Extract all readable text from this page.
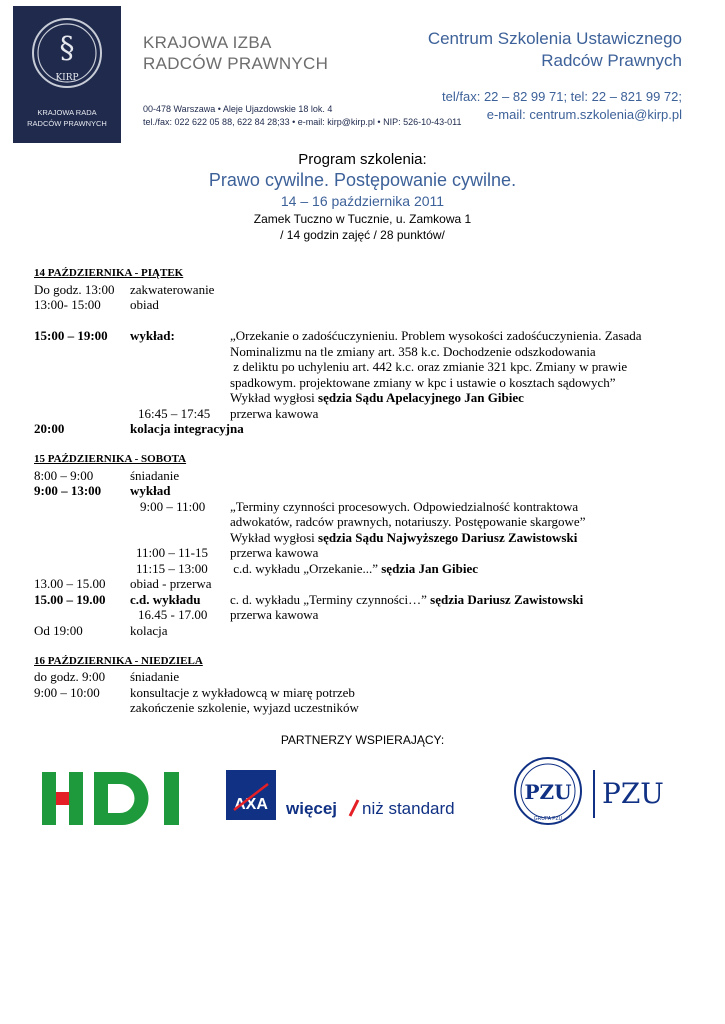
§
KIRP
KRAJOWA RADA
RADCÓW PRAWNYCH
KRAJOWA IZBA
RADCÓW PRAWNYCH
00-478 Warszawa • Aleje Ujazdowskie 18 lok. 4
tel./fax: 022 622 05 88, 622 84 28;33 • e-mail: kirp@kirp.pl • NIP: 526-10-43-011
Centrum Szkolenia Ustawicznego
Radców Prawnych
tel/fax: 22 – 82 99 71; tel: 22 – 821 99 72;
e-mail: centrum.szkolenia@kirp.pl
Program szkolenia:
Prawo cywilne. Postępowanie cywilne.
14 – 16 października 2011
Zamek Tuczno w Tucznie, u. Zamkowa 1
/ 14 godzin zajęć / 28 punktów/
14 PAŹDZIERNIKA - PIĄTEK
Do godz. 13:00	zakwaterowanie
13:00- 15:00	obiad
15:00 – 19:00	wykład:	„Orzekanie o zadośćuczynieniu. Problem wysokości zadośćuczynienia. Zasada
Nominalizmu na tle zmiany art. 358 k.c. Dochodzenie odszkodowania
z deliktu po uchyleniu art. 442 k.c. oraz zmianie 321 kpc. Zmiany w prawie
spadkowym. projektowane zmiany w kpc i ustawie o kosztach sądowych”
Wykład wygłosi sędzia Sądu Apelacyjnego Jan Gibiec
16:45 – 17:45	przerwa kawowa
20:00	kolacja integracyjna
15 PAŹDZIERNIKA - SOBOTA
8:00 – 9:00	śniadanie
9:00 – 13:00	wykład
9:00 – 11:00	„Terminy czynności procesowych. Odpowiedzialność kontraktowa
adwokatów, radców prawnych, notariuszy. Postępowanie skargowe”
Wykład wygłosi sędzia Sądu Najwyższego Dariusz Zawistowski
11:00 – 11-15	przerwa kawowa
11:15 – 13:00	c.d. wykładu „Orzekanie...” sędzia Jan Gibiec
13.00 – 15.00	obiad - przerwa
15.00 – 19.00	c.d. wykładu	c. d. wykładu „Terminy czynności…” sędzia Dariusz Zawistowski
16.45 - 17.00	przerwa kawowa
Od 19:00	kolacja
16 PAŹDZIERNIKA - NIEDZIELA
do godz. 9:00	śniadanie
9:00 – 10:00	konsultacje z wykładowcą w miarę potrzeb
zakończenie szkolenie, wyjazd uczestników
PARTNERZY WSPIERAJĄCY:
AXA więcej niż standard
PZU
GRUPA PZU
PZU
